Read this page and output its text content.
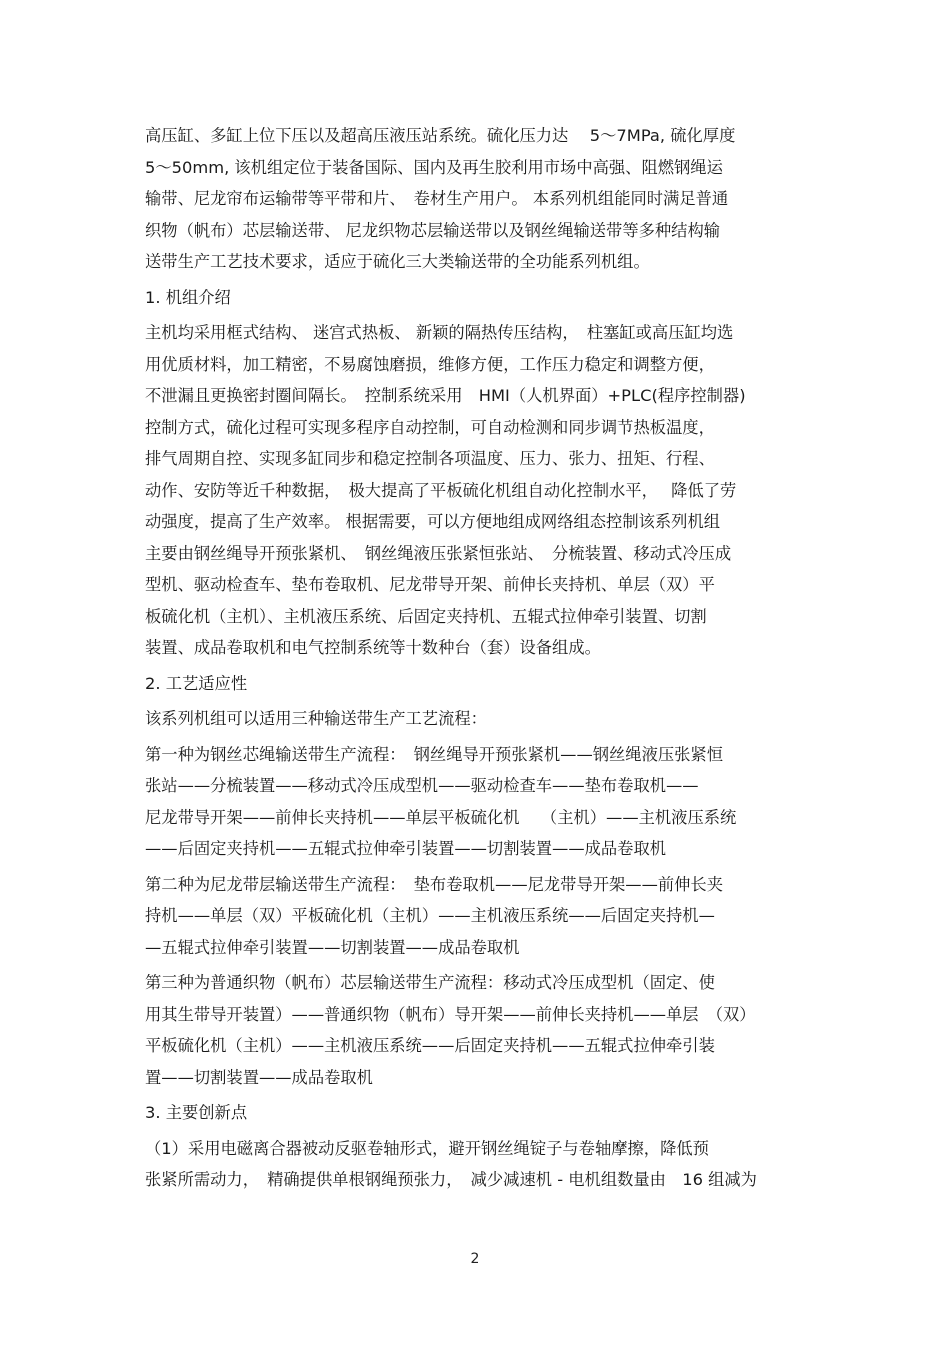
高压缸、多缸上位下压以及超高压液压站系统。硫化压力达　 5～7MPa, 硫化厚度
5～50mm, 该机组定位于装备国际、国内及再生胶利用市场中高强、阻燃钢绳运
输带、尼龙帘布运输带等平带和片、　卷材生产用户。 本系列机组能同时满足普通
织物（帆布）芯层输送带、 尼龙织物芯层输送带以及钢丝绳输送带等多种结构输
送带生产工艺技术要求，适应于硫化三大类输送带的全功能系列机组。
1. 机组介绍
主机均采用框式结构、 迷宫式热板、 新颖的隔热传压结构，　柱塞缸或高压缸均选
用优质材料，加工精密，不易腐蚀磨损，维修方便，工作压力稳定和调整方便，
不泄漏且更换密封圈间隔长。　控制系统采用　HMI（人机界面）+PLC(程序控制器)
控制方式，硫化过程可实现多程序自动控制，可自动检测和同步调节热板温度，
排气周期自控、实现多缸同步和稳定控制各项温度、压力、张力、扭矩、行程、
动作、安防等近千种数据，　极大提高了平板硫化机组自动化控制水平，　 降低了劳
动强度，提高了生产效率。 根据需要，可以方便地组成网络组态控制该系列机组
主要由钢丝绳导开预张紧机、　钢丝绳液压张紧恒张站、　分梳装置、移动式冷压成
型机、驱动检查车、垫布卷取机、尼龙带导开架、前伸长夹持机、单层（双）平
板硫化机（主机）、主机液压系统、后固定夹持机、五辊式拉伸牵引装置、切割
装置、成品卷取机和电气控制系统等十数种台（套）设备组成。
2. 工艺适应性
该系列机组可以适用三种输送带生产工艺流程：
第一种为钢丝芯绳输送带生产流程：　钢丝绳导开预张紧机——钢丝绳液压张紧恒
张站——分梳装置——移动式冷压成型机——驱动检查车——垫布卷取机——
尼龙带导开架——前伸长夹持机——单层平板硫化机　 （主机）——主机液压系统
——后固定夹持机——五辊式拉伸牵引装置——切割装置——成品卷取机
第二种为尼龙带层输送带生产流程：　垫布卷取机——尼龙带导开架——前伸长夹
持机——单层（双）平板硫化机（主机）——主机液压系统——后固定夹持机—
—五辊式拉伸牵引装置——切割装置——成品卷取机
第三种为普通织物（帆布）芯层输送带生产流程：移动式冷压成型机（固定、使
用其生带导开装置）——普通织物（帆布）导开架——前伸长夹持机——单层　（双）
平板硫化机（主机）——主机液压系统——后固定夹持机——五辊式拉伸牵引装
置——切割装置——成品卷取机
3. 主要创新点
（1）采用电磁离合器被动反驱卷轴形式，避开钢丝绳锭子与卷轴摩擦，降低预
张紧所需动力，　精确提供单根钢绳预张力，　减少减速机 - 电机组数量由　16 组减为
2
